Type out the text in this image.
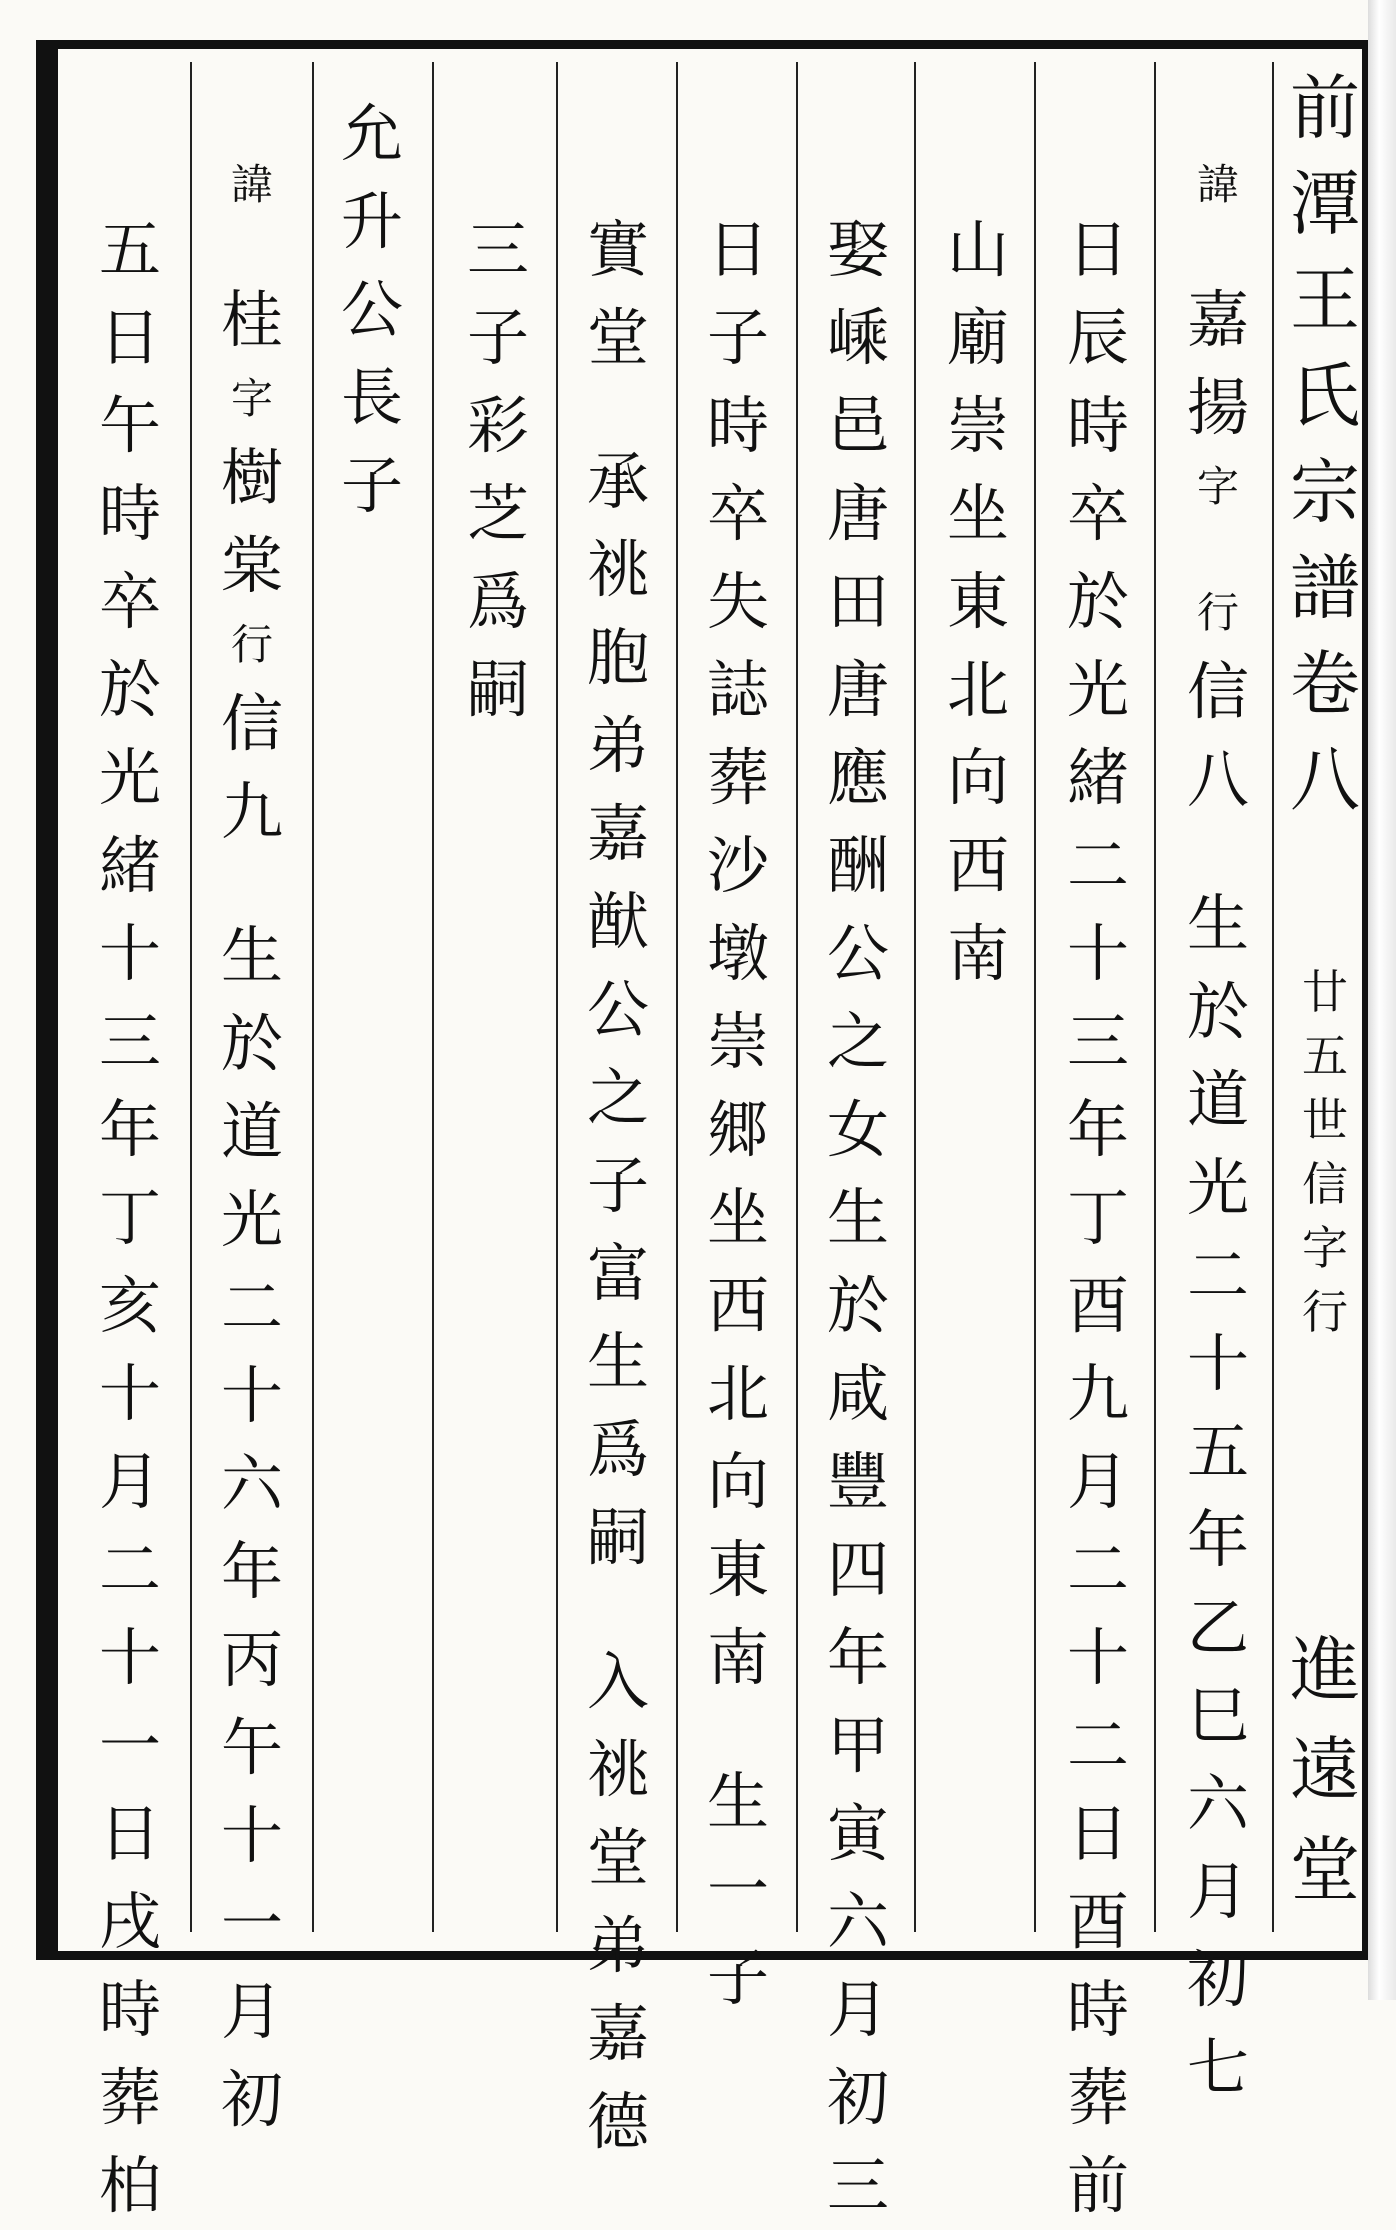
前
潭
王
氏
宗
譜
卷
八
廿
五
世
信
字
行
進
遠
堂
諱
嘉
揚
字
行
信
八
生
於
道
光
二
十
五
年
乙
巳
六
月
初
七
日
辰
時
卒
於
光
緒
二
十
三
年
丁
酉
九
月
二
十
二
日
酉
時
葬
前
山
廟
崇
坐
東
北
向
西
南
娶
嵊
邑
唐
田
唐
應
酬
公
之
女
生
於
咸
豐
四
年
甲
寅
六
月
初
三
日
子
時
卒
失
誌
葬
沙
墩
崇
郷
坐
西
北
向
東
南
生
一
子
實
堂
承
祧
胞
弟
嘉
猷
公
之
子
富
生
爲
嗣
入
祧
堂
弟
嘉
德
三
子
彩
芝
爲
嗣
允
升
公
長
子
諱
桂
字
樹
棠
行
信
九
生
於
道
光
二
十
六
年
丙
午
十
一
月
初
五
日
午
時
卒
於
光
緒
十
三
年
丁
亥
十
月
二
十
一
日
戌
時
葬
柏
